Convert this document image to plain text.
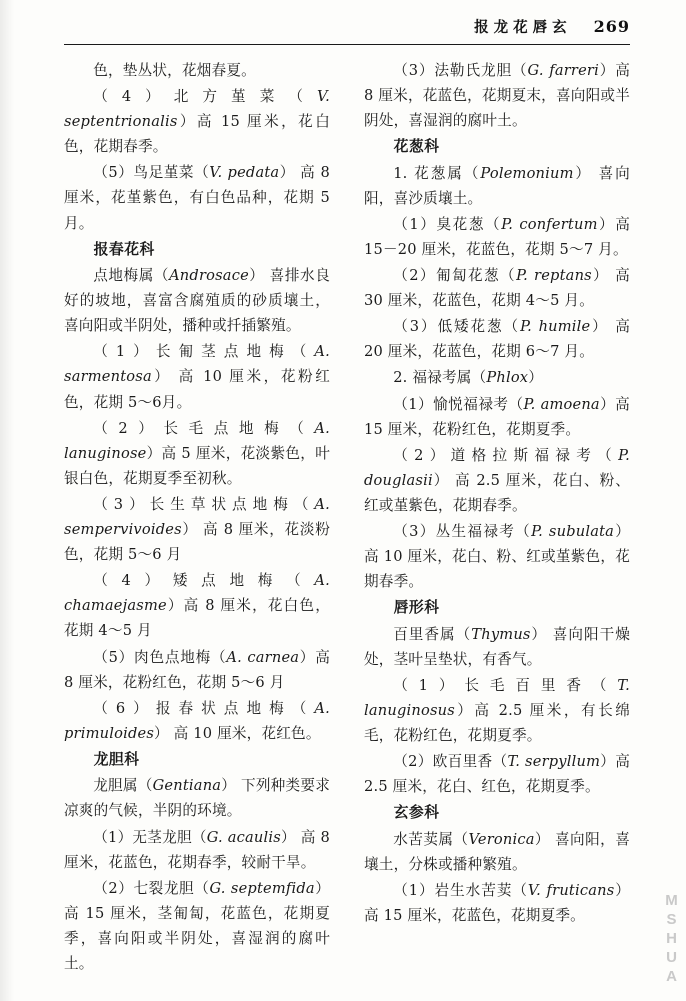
报龙花唇玄 269

色，垫丛状，花烟春夏。

（4）北方堇菜（V. septentrionalis）高 15 厘米，花白色，花期春季。

（5）鸟足堇菜（V. pedata） 高 8 厘米，花堇紫色，有白色品种，花期 5 月。

报春花科

点地梅属（Androsace） 喜排水良好的坡地，喜富含腐殖质的砂质壤土，喜向阳或半阴处，播种或扦插繁殖。

（1）长匍茎点地梅（A. sarmentosa） 高 10 厘米，花粉红色，花期 5～6月。

（2）长毛点地梅（A. lanuginose）高 5 厘米，花淡紫色，叶银白色，花期夏季至初秋。

（3）长生草状点地梅（A. sempervivoides） 高 8 厘米，花淡粉色，花期 5～6 月

（4）矮点地梅（A. chamaejasme）高 8 厘米，花白色，花期 4～5 月

（5）肉色点地梅（A. carnea）高 8 厘米，花粉红色，花期 5～6 月

（6）报春状点地梅（A. primuloides） 高 10 厘米，花红色。

龙胆科

龙胆属（Gentiana） 下列种类要求凉爽的气候，半阴的环境。

（1）无茎龙胆（G. acaulis） 高 8 厘米，花蓝色，花期春季，较耐干旱。

（2）七裂龙胆（G. septemfida）高 15 厘米，茎匍匐，花蓝色，花期夏季，喜向阳或半阴处，喜湿润的腐叶土。

（3）法勒氏龙胆（G. farreri）高 8 厘米，花蓝色，花期夏末，喜向阳或半阴处，喜湿润的腐叶土。

花葱科

1. 花葱属（Polemonium） 喜向阳，喜沙质壤土。

（1）臭花葱（P. confertum）高 15－20 厘米，花蓝色，花期 5～7 月。

（2）匍匐花葱（P. reptans） 高 30 厘米，花蓝色，花期 4～5 月。

（3）低矮花葱（P. humile） 高 20 厘米，花蓝色，花期 6～7 月。

2. 福禄考属（Phlox）

（1）愉悦福禄考（P. amoena）高 15 厘米，花粉红色，花期夏季。

（2）道格拉斯福禄考（P. douglasii） 高 2.5 厘米，花白、粉、红或堇紫色，花期春季。

（3）丛生福禄考（P. subulata）高 10 厘米，花白、粉、红或堇紫色，花期春季。

唇形科

百里香属（Thymus） 喜向阳干燥处，茎叶呈垫状，有香气。

（1）长毛百里香（T. lanuginosus）高 2.5 厘米，有长绵毛，花粉红色，花期夏季。

（2）欧百里香（T. serpyllum）高 2.5 厘米，花白、红色，花期夏季。

玄参科

水苦荬属（Veronica） 喜向阳，喜壤土，分株或播种繁殖。

（1）岩生水苦荬（V. fruticans）高 15 厘米，花蓝色，花期夏季。	MSHUA
